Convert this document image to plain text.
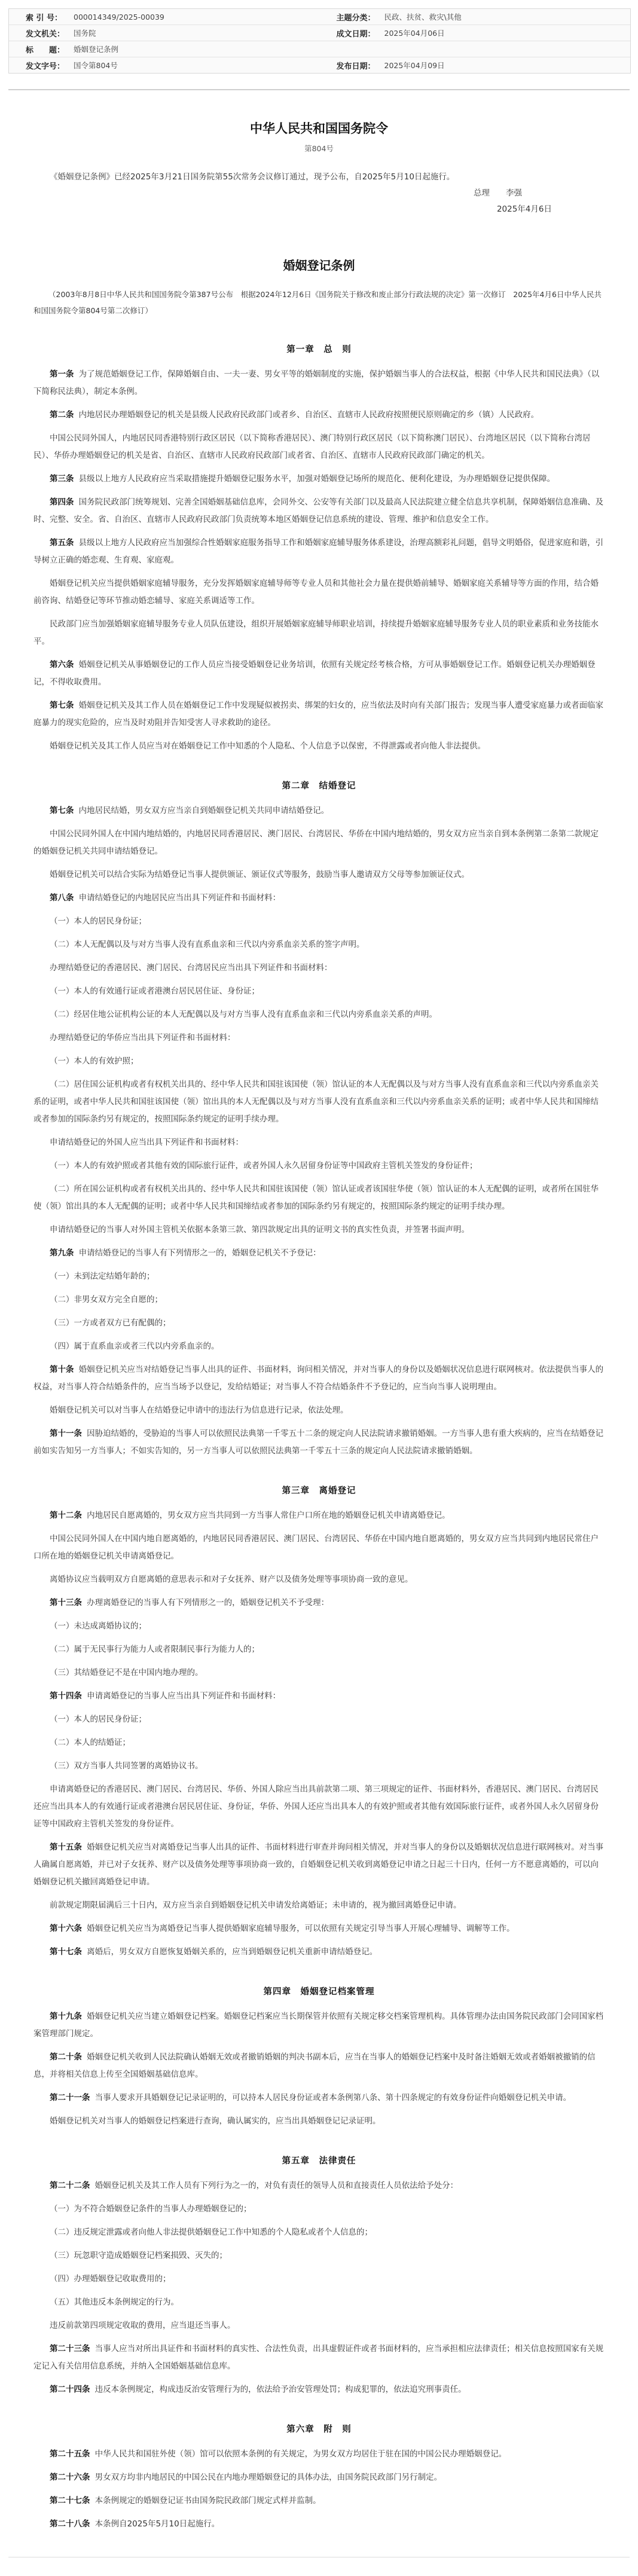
索 引 号：	000014349/2025-00039	主题分类：	民政、扶贫、救灾\其他
发文机关：	国务院	成文日期：	2025年04月06日
标　　题：	婚姻登记条例
发文字号：	国令第804号	发布日期：	2025年04月09日
中华人民共和国国务院令
第804号
《婚姻登记条例》已经2025年3月21日国务院第55次常务会议修订通过，现予公布，自2025年5月10日起施行。
总理　　李强
2025年4月6日
婚姻登记条例
（2003年8月8日中华人民共和国国务院令第387号公布　根据2024年12月6日《国务院关于修改和废止部分行政法规的决定》第一次修订　2025年4月6日中华人民共和国国务院令第804号第二次修订）
第一章　总　则

第一条 为了规范婚姻登记工作，保障婚姻自由、一夫一妻、男女平等的婚姻制度的实施，保护婚姻当事人的合法权益，根据《中华人民共和国民法典》（以下简称民法典），制定本条例。

第二条 内地居民办理婚姻登记的机关是县级人民政府民政部门或者乡、自治区、直辖市人民政府按照便民原则确定的乡（镇）人民政府。

中国公民同外国人，内地居民同香港特别行政区居民（以下简称香港居民）、澳门特别行政区居民（以下简称澳门居民）、台湾地区居民（以下简称台湾居民）、华侨办理婚姻登记的机关是省、自治区、直辖市人民政府民政部门或者省、自治区、直辖市人民政府民政部门确定的机关。

第三条 县级以上地方人民政府应当采取措施提升婚姻登记服务水平，加强对婚姻登记场所的规范化、便利化建设，为办理婚姻登记提供保障。

第四条 国务院民政部门统筹规划、完善全国婚姻基础信息库，会同外交、公安等有关部门以及最高人民法院建立健全信息共享机制，保障婚姻信息准确、及时、完整、安全。省、自治区、直辖市人民政府民政部门负责统筹本地区婚姻登记信息系统的建设、管理、维护和信息安全工作。

第五条 县级以上地方人民政府应当加强综合性婚姻家庭服务指导工作和婚姻家庭辅导服务体系建设，治理高额彩礼问题，倡导文明婚俗，促进家庭和谐，引导树立正确的婚恋观、生育观、家庭观。

婚姻登记机关应当提供婚姻家庭辅导服务，充分发挥婚姻家庭辅导师等专业人员和其他社会力量在提供婚前辅导、婚姻家庭关系辅导等方面的作用，结合婚前咨询、结婚登记等环节推动婚恋辅导、家庭关系调适等工作。

民政部门应当加强婚姻家庭辅导服务专业人员队伍建设，组织开展婚姻家庭辅导师职业培训，持续提升婚姻家庭辅导服务专业人员的职业素质和业务技能水平。

第六条 婚姻登记机关从事婚姻登记的工作人员应当接受婚姻登记业务培训，依照有关规定经考核合格，方可从事婚姻登记工作。婚姻登记机关办理婚姻登记，不得收取费用。

第七条 婚姻登记机关及其工作人员在婚姻登记工作中发现疑似被拐卖、绑架的妇女的，应当依法及时向有关部门报告；发现当事人遭受家庭暴力或者面临家庭暴力的现实危险的，应当及时劝阻并告知受害人寻求救助的途径。

婚姻登记机关及其工作人员应当对在婚姻登记工作中知悉的个人隐私、个人信息予以保密，不得泄露或者向他人非法提供。

第二章　结婚登记

第七条 内地居民结婚，男女双方应当亲自到婚姻登记机关共同申请结婚登记。

中国公民同外国人在中国内地结婚的，内地居民同香港居民、澳门居民、台湾居民、华侨在中国内地结婚的，男女双方应当亲自到本条例第二条第二款规定的婚姻登记机关共同申请结婚登记。

婚姻登记机关可以结合实际为结婚登记当事人提供颁证、颁证仪式等服务，鼓励当事人邀请双方父母等参加颁证仪式。

第八条 申请结婚登记的内地居民应当出具下列证件和书面材料：

（一）本人的居民身份证；

（二）本人无配偶以及与对方当事人没有直系血亲和三代以内旁系血亲关系的签字声明。

办理结婚登记的香港居民、澳门居民、台湾居民应当出具下列证件和书面材料：

（一）本人的有效通行证或者港澳台居民居住证、身份证；

（二）经居住地公证机构公证的本人无配偶以及与对方当事人没有直系血亲和三代以内旁系血亲关系的声明。

办理结婚登记的华侨应当出具下列证件和书面材料：

（一）本人的有效护照；

（二）居住国公证机构或者有权机关出具的、经中华人民共和国驻该国使（领）馆认证的本人无配偶以及与对方当事人没有直系血亲和三代以内旁系血亲关系的证明，或者中华人民共和国驻该国使（领）馆出具的本人无配偶以及与对方当事人没有直系血亲和三代以内旁系血亲关系的证明；或者中华人民共和国缔结或者参加的国际条约另有规定的，按照国际条约规定的证明手续办理。

申请结婚登记的外国人应当出具下列证件和书面材料：

（一）本人的有效护照或者其他有效的国际旅行证件，或者外国人永久居留身份证等中国政府主管机关签发的身份证件；

（二）所在国公证机构或者有权机关出具的、经中华人民共和国驻该国使（领）馆认证或者该国驻华使（领）馆认证的本人无配偶的证明，或者所在国驻华使（领）馆出具的本人无配偶的证明；或者中华人民共和国缔结或者参加的国际条约另有规定的，按照国际条约规定的证明手续办理。

申请结婚登记的当事人对外国主管机关依据本条第三款、第四款规定出具的证明文书的真实性负责，并签署书面声明。

第九条 申请结婚登记的当事人有下列情形之一的，婚姻登记机关不予登记：

（一）未到法定结婚年龄的；

（二）非男女双方完全自愿的；

（三）一方或者双方已有配偶的；

（四）属于直系血亲或者三代以内旁系血亲的。

第十条 婚姻登记机关应当对结婚登记当事人出具的证件、书面材料，询问相关情况，并对当事人的身份以及婚姻状况信息进行联网核对。依法提供当事人的权益，对当事人符合结婚条件的，应当当场予以登记，发给结婚证；对当事人不符合结婚条件不予登记的，应当向当事人说明理由。

婚姻登记机关可以对当事人在结婚登记申请中的违法行为信息进行记录，依法处理。

第十一条 因胁迫结婚的，受胁迫的当事人可以依照民法典第一千零五十二条的规定向人民法院请求撤销婚姻。一方当事人患有重大疾病的，应当在结婚登记前如实告知另一方当事人；不如实告知的，另一方当事人可以依照民法典第一千零五十三条的规定向人民法院请求撤销婚姻。

第三章　离婚登记

第十二条 内地居民自愿离婚的，男女双方应当共同到一方当事人常住户口所在地的婚姻登记机关申请离婚登记。

中国公民同外国人在中国内地自愿离婚的，内地居民同香港居民、澳门居民、台湾居民、华侨在中国内地自愿离婚的，男女双方应当共同到内地居民常住户口所在地的婚姻登记机关申请离婚登记。

离婚协议应当载明双方自愿离婚的意思表示和对子女抚养、财产以及债务处理等事项协商一致的意见。

第十三条 办理离婚登记的当事人有下列情形之一的，婚姻登记机关不予受理：

（一）未达成离婚协议的；

（二）属于无民事行为能力人或者限制民事行为能力人的；

（三）其结婚登记不是在中国内地办理的。

第十四条 申请离婚登记的当事人应当出具下列证件和书面材料：

（一）本人的居民身份证；

（二）本人的结婚证；

（三）双方当事人共同签署的离婚协议书。

申请离婚登记的香港居民、澳门居民、台湾居民、华侨、外国人除应当出具前款第二项、第三项规定的证件、书面材料外，香港居民、澳门居民、台湾居民还应当出具本人的有效通行证或者港澳台居民居住证、身份证，华侨、外国人还应当出具本人的有效护照或者其他有效国际旅行证件，或者外国人永久居留身份证等中国政府主管机关签发的身份证件。

第十五条 婚姻登记机关应当对离婚登记当事人出具的证件、书面材料进行审查并询问相关情况，并对当事人的身份以及婚姻状况信息进行联网核对。对当事人确属自愿离婚，并已对子女抚养、财产以及债务处理等事项协商一致的，自婚姻登记机关收到离婚登记申请之日起三十日内，任何一方不愿意离婚的，可以向婚姻登记机关撤回离婚登记申请。

前款规定期限届满后三十日内，双方应当亲自到婚姻登记机关申请发给离婚证；未申请的，视为撤回离婚登记申请。

第十六条 婚姻登记机关应当为离婚登记当事人提供婚姻家庭辅导服务，可以依照有关规定引导当事人开展心理辅导、调解等工作。

第十七条 离婚后，男女双方自愿恢复婚姻关系的，应当到婚姻登记机关重新申请结婚登记。

第四章　婚姻登记档案管理

第十九条 婚姻登记机关应当建立婚姻登记档案。婚姻登记档案应当长期保管并依照有关规定移交档案管理机构。具体管理办法由国务院民政部门会同国家档案管理部门规定。

第二十条 婚姻登记机关收到人民法院确认婚姻无效或者撤销婚姻的判决书副本后，应当在当事人的婚姻登记档案中及时备注婚姻无效或者婚姻被撤销的信息，并将相关信息上传至全国婚姻基础信息库。

第二十一条 当事人要求开具婚姻登记记录证明的，可以持本人居民身份证或者本条例第八条、第十四条规定的有效身份证件向婚姻登记机关申请。

婚姻登记机关对当事人的婚姻登记档案进行查询，确认属实的，应当出具婚姻登记记录证明。

第五章　法律责任

第二十二条 婚姻登记机关及其工作人员有下列行为之一的，对负有责任的领导人员和直接责任人员依法给予处分：

（一）为不符合婚姻登记条件的当事人办理婚姻登记的；

（二）违反规定泄露或者向他人非法提供婚姻登记工作中知悉的个人隐私或者个人信息的；

（三）玩忽职守造成婚姻登记档案损毁、灭失的；

（四）办理婚姻登记收取费用的；

（五）其他违反本条例规定的行为。

违反前款第四项规定收取的费用，应当退还当事人。

第二十三条 当事人应当对所出具证件和书面材料的真实性、合法性负责，出具虚假证件或者书面材料的，应当承担相应法律责任；相关信息按照国家有关规定记入有关信用信息系统，并纳入全国婚姻基础信息库。

第二十四条 违反本条例规定，构成违反治安管理行为的，依法给予治安管理处罚；构成犯罪的，依法追究刑事责任。

第六章　附　则

第二十五条 中华人民共和国驻外使（领）馆可以依照本条例的有关规定，为男女双方均居住于驻在国的中国公民办理婚姻登记。

第二十六条 男女双方均非内地居民的中国公民在内地办理婚姻登记的具体办法，由国务院民政部门另行制定。

第二十七条 本条例规定的婚姻登记证书由国务院民政部门规定式样并监制。

第二十八条 本条例自2025年5月10日起施行。
